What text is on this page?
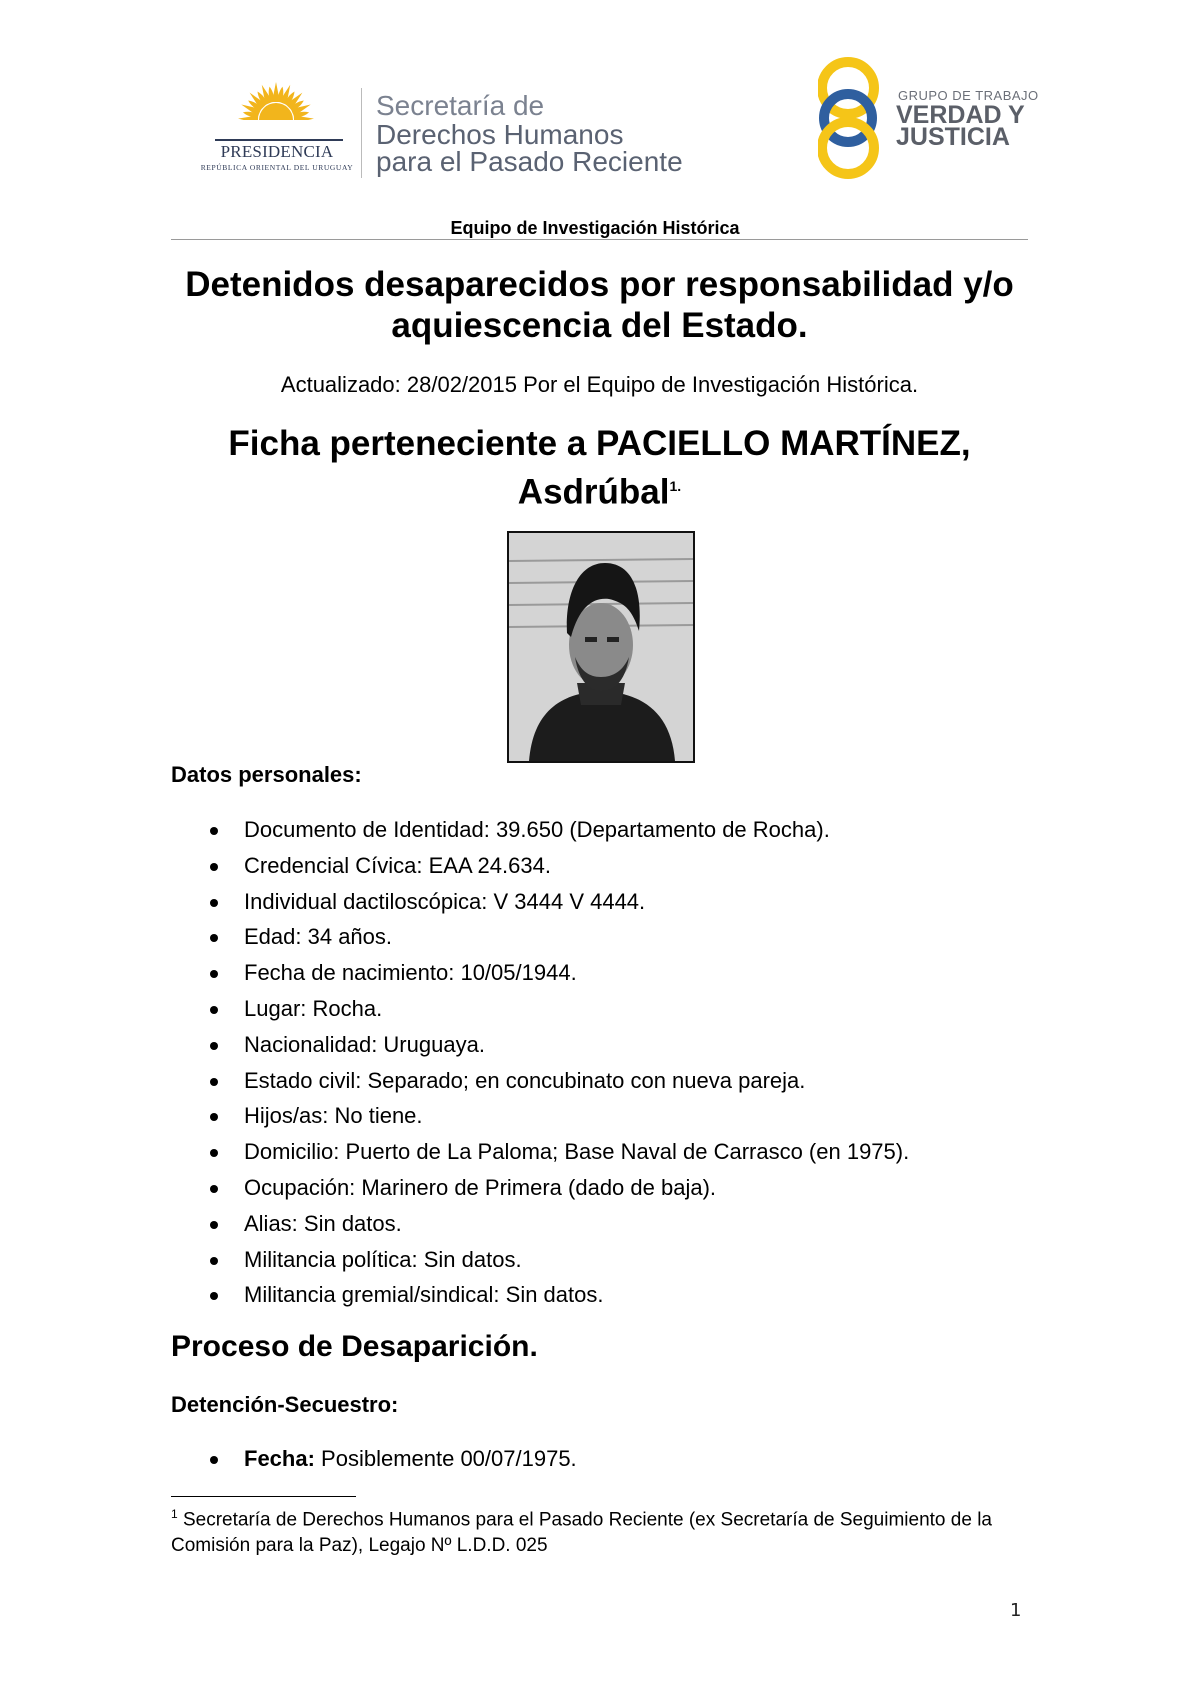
PRESIDENCIA
REPÚBLICA ORIENTAL DEL URUGUAY
Secretaría de
Derechos Humanos
para el Pasado Reciente
GRUPO DE TRABAJO
VERDAD Y
JUSTICIA
Equipo de Investigación Histórica
Detenidos desaparecidos por responsabilidad y/o aquiescencia del Estado.
Actualizado: 28/02/2015 Por el Equipo de Investigación Histórica.
Ficha perteneciente a PACIELLO MARTÍNEZ, Asdrúbal$^{1.}$
Datos personales:
Documento de Identidad: 39.650 (Departamento de Rocha).
Credencial Cívica: EAA 24.634.
Individual dactiloscópica: V 3444 V 4444.
Edad: 34 años.
Fecha de nacimiento: 10/05/1944.
Lugar: Rocha.
Nacionalidad: Uruguaya.
Estado civil: Separado; en concubinato con nueva pareja.
Hijos/as: No tiene.
Domicilio: Puerto de La Paloma; Base Naval de Carrasco (en 1975).
Ocupación: Marinero de Primera (dado de baja).
Alias: Sin datos.
Militancia política: Sin datos.
Militancia gremial/sindical: Sin datos.
Proceso de Desaparición.
Detención-Secuestro:
Fecha: Posiblemente 00/07/1975.
$^1$ Secretaría de Derechos Humanos para el Pasado Reciente (ex Secretaría de Seguimiento de la Comisión para la Paz), Legajo Nº L.D.D. 025
1
